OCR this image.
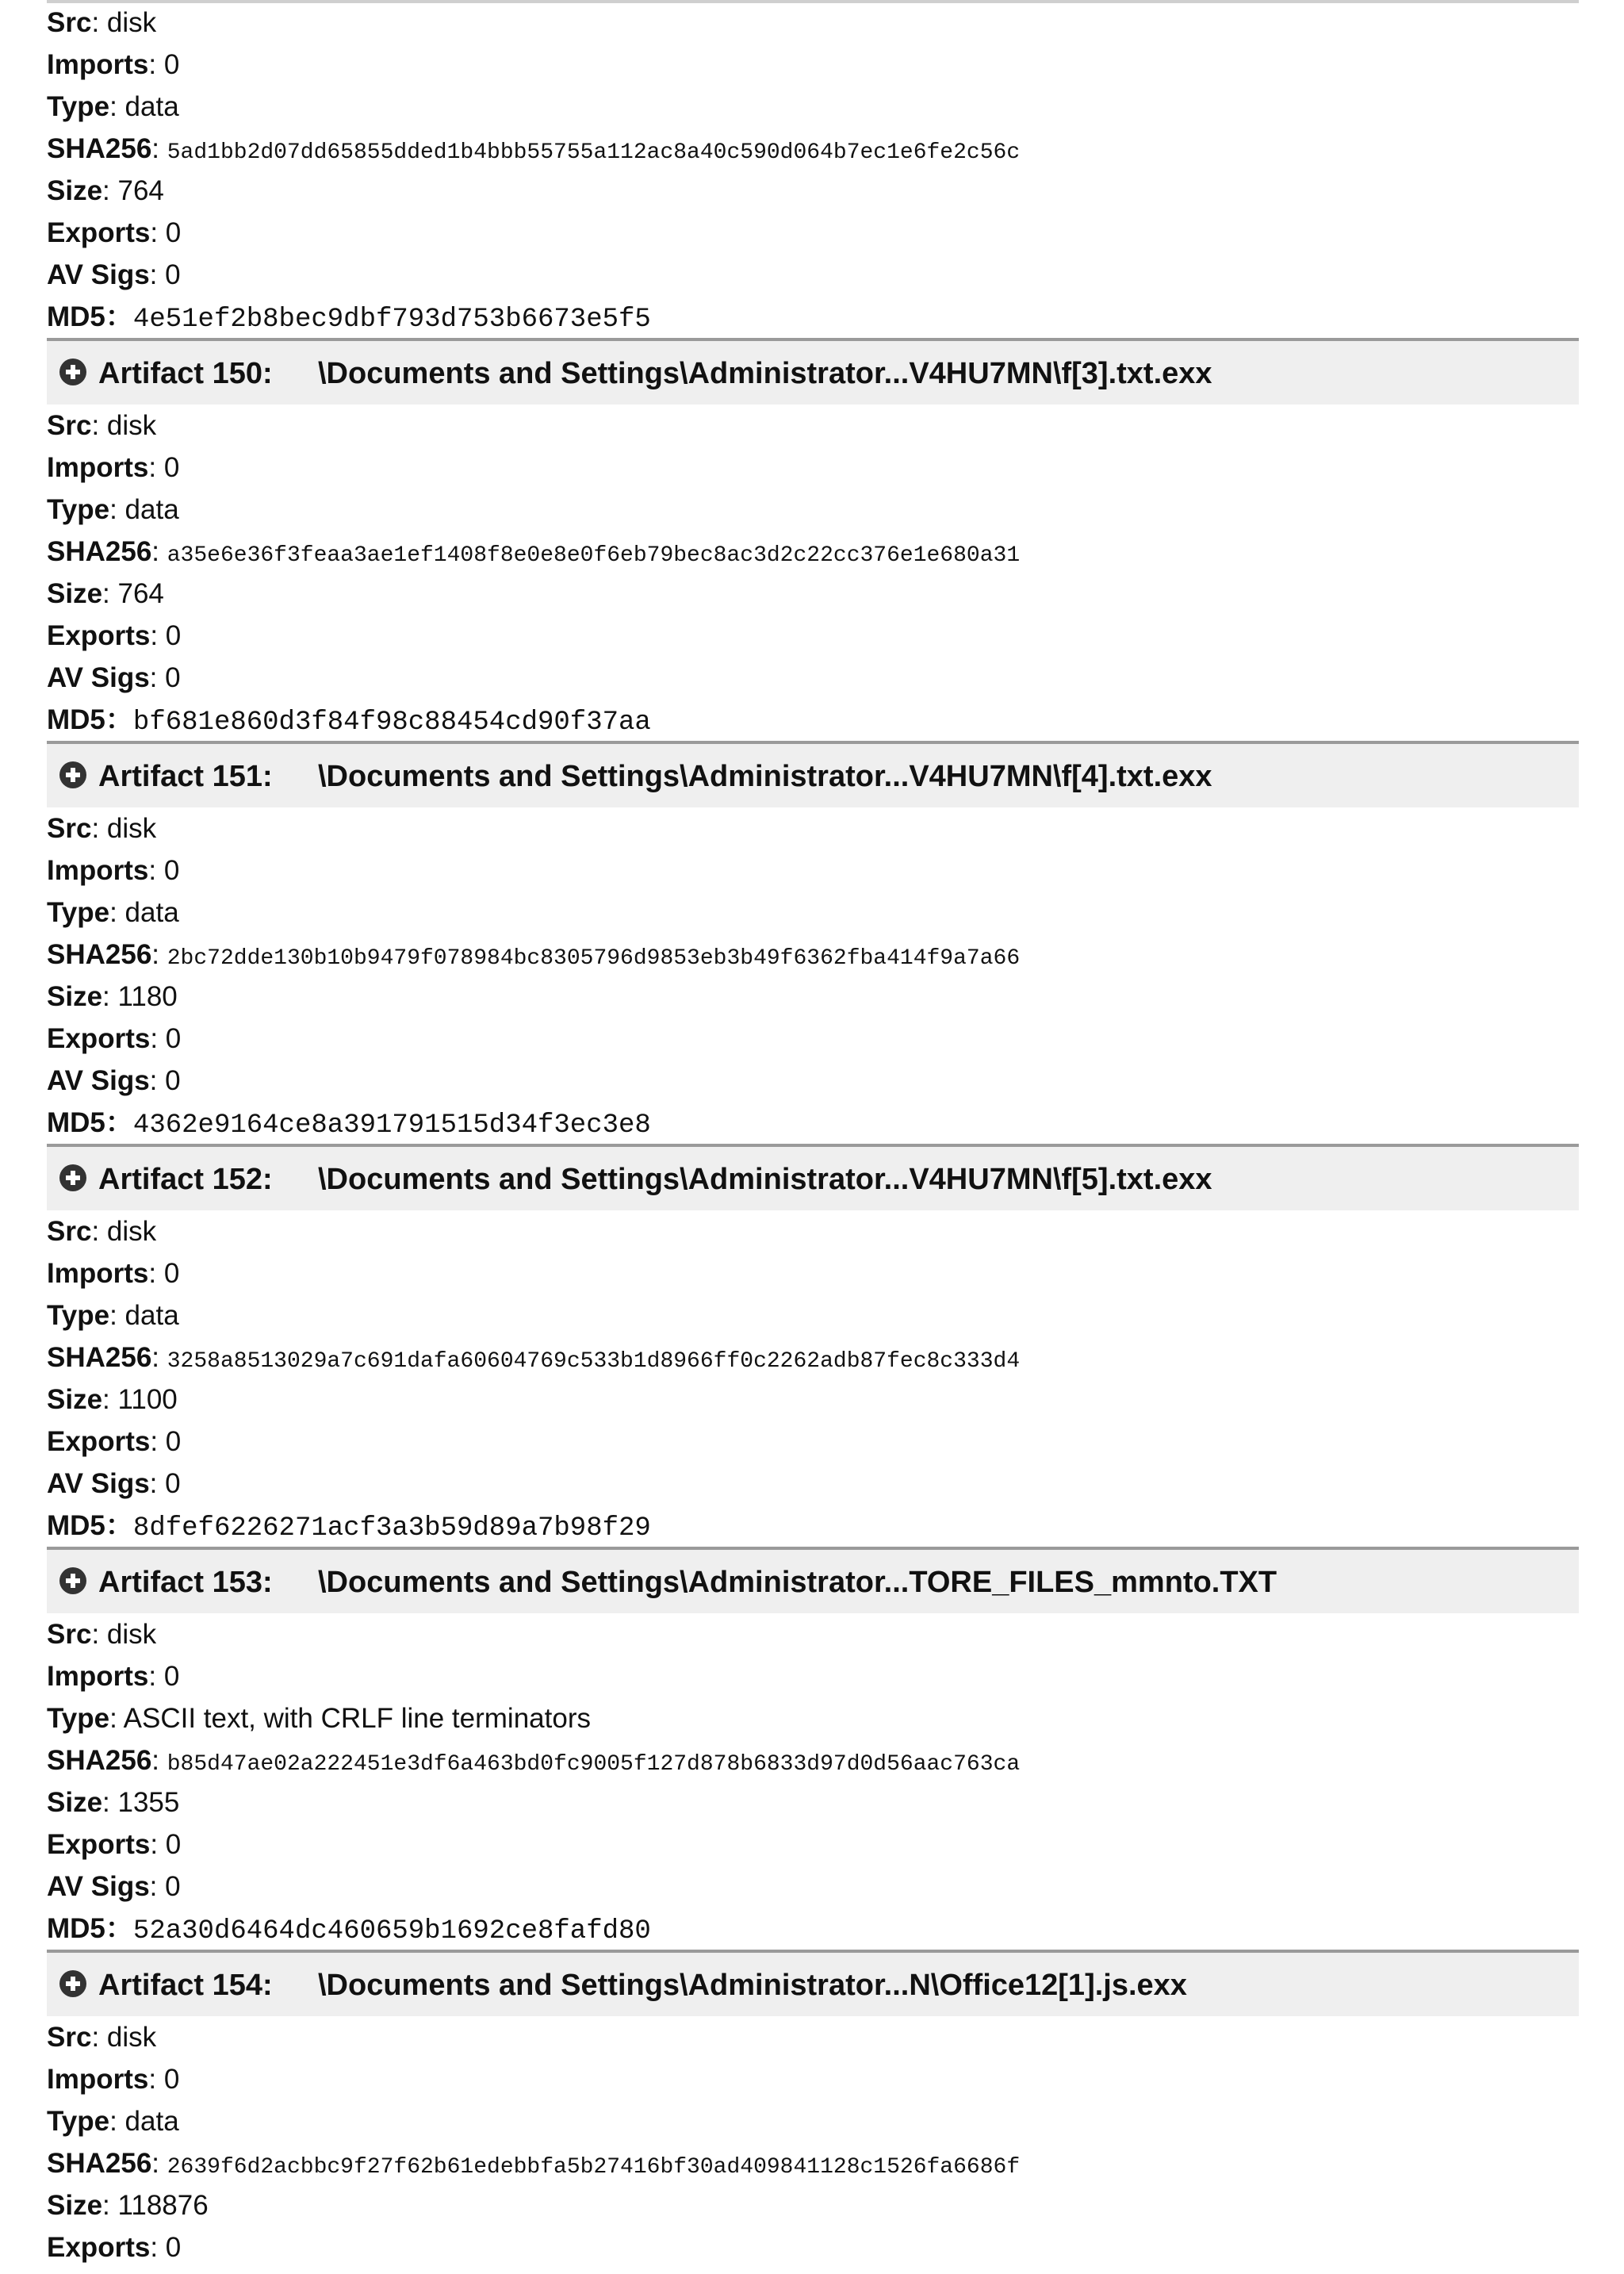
Src: disk
Imports: 0
Type: data
SHA256: 5ad1bb2d07dd65855dded1b4bbb55755a112ac8a40c590d064b7ec1e6fe2c56c
Size: 764
Exports: 0
AV Sigs: 0
MD5：4e51ef2b8bec9dbf793d753b6673e5f5
Artifact 150: \Documents and Settings\Administrator...V4HU7MN\f[3].txt.exx
Src: disk
Imports: 0
Type: data
SHA256: a35e6e36f3feaa3ae1ef1408f8e0e8e0f6eb79bec8ac3d2c22cc376e1e680a31
Size: 764
Exports: 0
AV Sigs: 0
MD5：bf681e860d3f84f98c88454cd90f37aa
Artifact 151: \Documents and Settings\Administrator...V4HU7MN\f[4].txt.exx
Src: disk
Imports: 0
Type: data
SHA256: 2bc72dde130b10b9479f078984bc8305796d9853eb3b49f6362fba414f9a7a66
Size: 1180
Exports: 0
AV Sigs: 0
MD5：4362e9164ce8a391791515d34f3ec3e8
Artifact 152: \Documents and Settings\Administrator...V4HU7MN\f[5].txt.exx
Src: disk
Imports: 0
Type: data
SHA256: 3258a8513029a7c691dafa60604769c533b1d8966ff0c2262adb87fec8c333d4
Size: 1100
Exports: 0
AV Sigs: 0
MD5：8dfef6226271acf3a3b59d89a7b98f29
Artifact 153: \Documents and Settings\Administrator...TORE_FILES_mmnto.TXT
Src: disk
Imports: 0
Type: ASCII text, with CRLF line terminators
SHA256: b85d47ae02a222451e3df6a463bd0fc9005f127d878b6833d97d0d56aac763ca
Size: 1355
Exports: 0
AV Sigs: 0
MD5：52a30d6464dc460659b1692ce8fafd80
Artifact 154: \Documents and Settings\Administrator...N\Office12[1].js.exx
Src: disk
Imports: 0
Type: data
SHA256: 2639f6d2acbbc9f27f62b61edebbfa5b27416bf30ad409841128c1526fa6686f
Size: 118876
Exports: 0
